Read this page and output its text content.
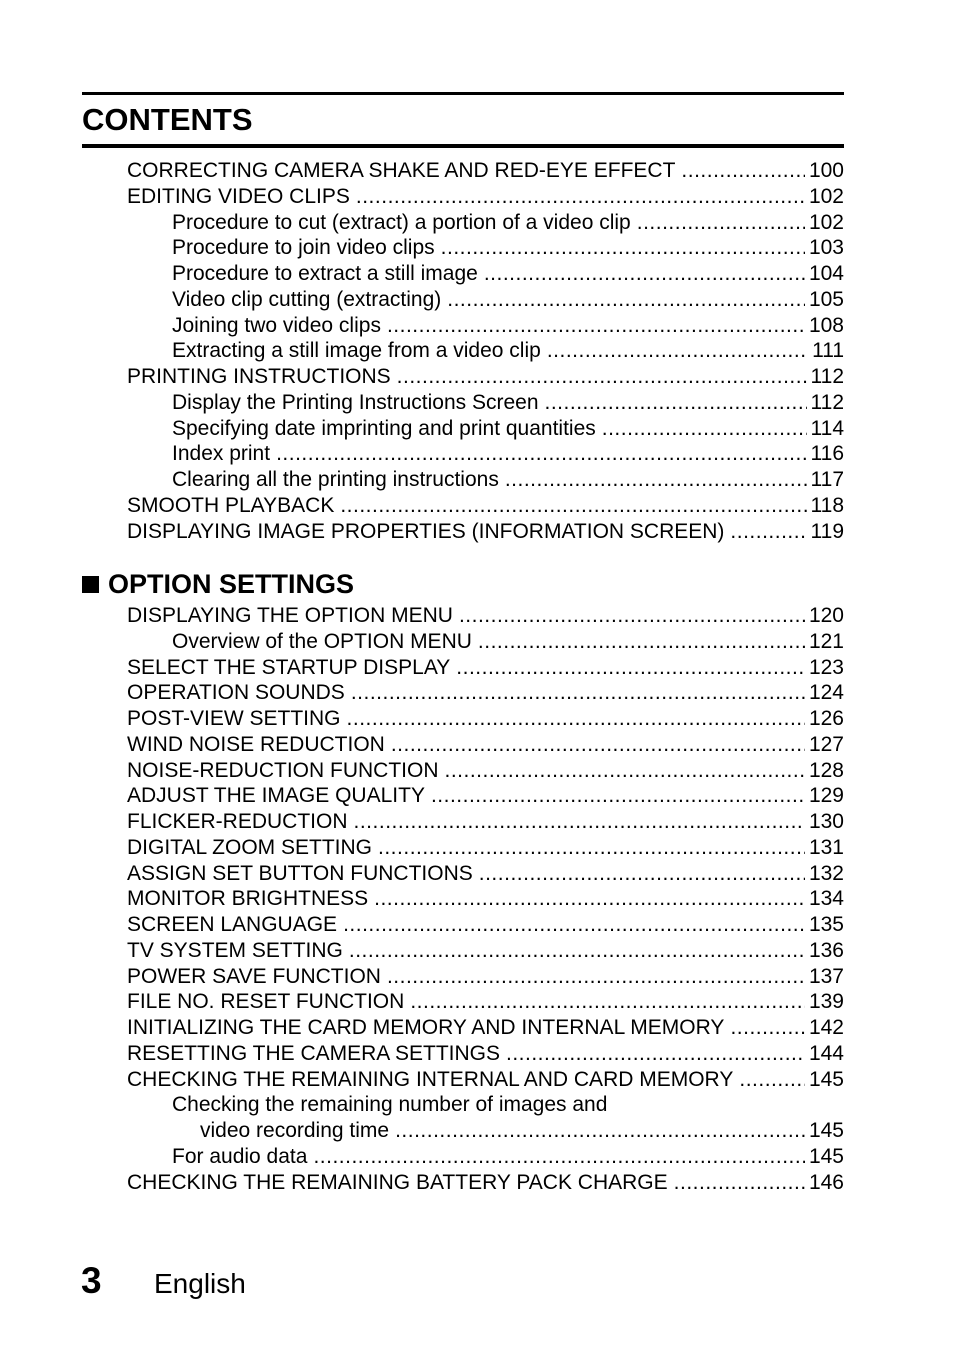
CONTENTS
CORRECTING CAMERA SHAKE AND RED-EYE EFFECT .....	100
EDITING VIDEO CLIPS .....	102
Procedure to cut (extract) a portion of a video clip .....	102
Procedure to join video clips .....	103
Procedure to extract a still image .....	104
Video clip cutting (extracting) .....	105
Joining two video clips .....	108
Extracting a still image from a video clip .....	111
PRINTING INSTRUCTIONS .....	112
Display the Printing Instructions Screen .....	112
Specifying date imprinting and print quantities .....	114
Index print .....	116
Clearing all the printing instructions .....	117
SMOOTH PLAYBACK .....	118
DISPLAYING IMAGE PROPERTIES (INFORMATION SCREEN) .....	119
OPTION SETTINGS
DISPLAYING THE OPTION MENU .....	120
Overview of the OPTION MENU .....	121
SELECT THE STARTUP DISPLAY .....	123
OPERATION SOUNDS .....	124
POST-VIEW SETTING .....	126
WIND NOISE REDUCTION .....	127
NOISE-REDUCTION FUNCTION .....	128
ADJUST THE IMAGE QUALITY .....	129
FLICKER-REDUCTION .....	130
DIGITAL ZOOM SETTING .....	131
ASSIGN SET BUTTON FUNCTIONS .....	132
MONITOR BRIGHTNESS .....	134
SCREEN LANGUAGE .....	135
TV SYSTEM SETTING .....	136
POWER SAVE FUNCTION .....	137
FILE NO. RESET FUNCTION .....	139
INITIALIZING THE CARD MEMORY AND INTERNAL MEMORY .....	142
RESETTING THE CAMERA SETTINGS .....	144
CHECKING THE REMAINING INTERNAL AND CARD MEMORY .....	145
Checking the remaining number of images and
video recording time .....	145
For audio data .....	145
CHECKING THE REMAINING BATTERY PACK CHARGE .....	146
3 English
